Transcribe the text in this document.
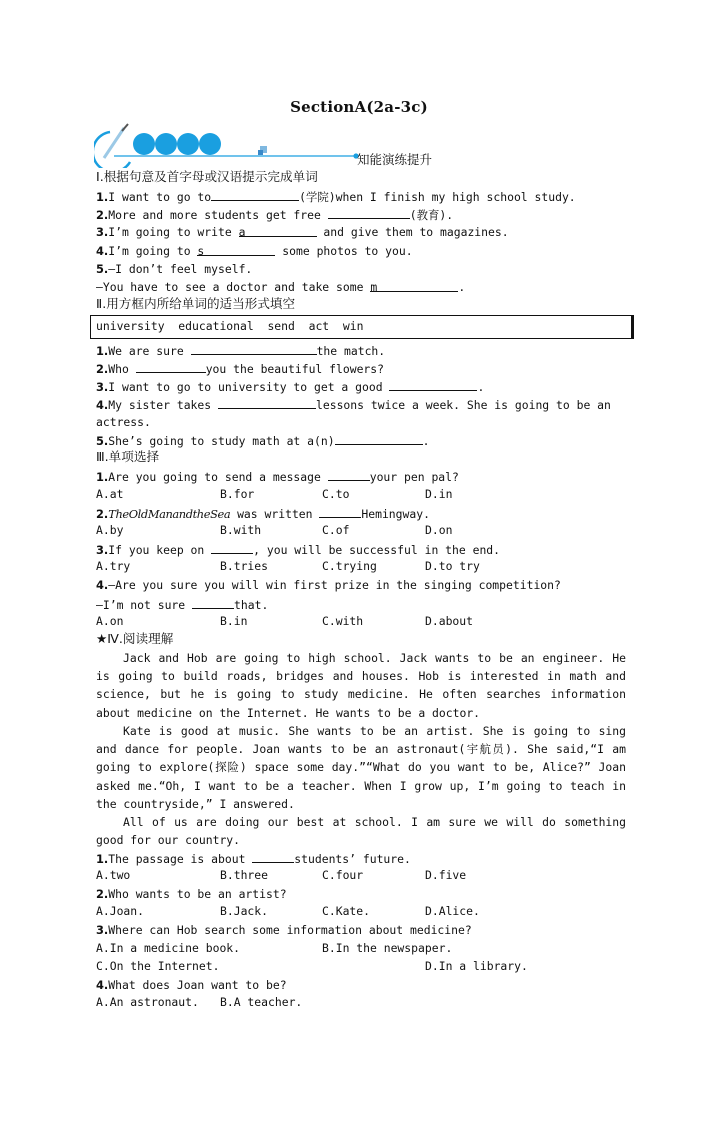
SectionA(2a-3c)
知能演练提升
Ⅰ.根据句意及首字母或汉语提示完成单词
1.I want to go to	(学院)when I finish my high school study.
2.More and more students get free	(教育).
3.I’m going to write a	and give them to magazines.
4.I’m going to s	some photos to you.
5.—I don’t feel myself.
—You have to see a doctor and take some m	.
Ⅱ.用方框内所给单词的适当形式填空
university  educational  send  act  win
1.We are sure	the match.
2.Who	you the beautiful flowers?
3.I want to go to university to get a good	.
4.My sister takes	lessons twice a week. She is going to be an
actress.
5.She’s going to study math at a(n)	.
Ⅲ.单项选择
1.Are you going to send a message	your pen pal?
A.at	B.for	C.to	D.in
2.TheOldManandtheSea was written	Hemingway.
A.by	B.with	C.of	D.on
3.If you keep on	, you will be successful in the end.
A.try	B.tries	C.trying	D.to try
4.—Are you sure you will win first prize in the singing competition?
—I’m not sure	that.
A.on	B.in	C.with	D.about
★Ⅳ.阅读理解
Jack and Hob are going to high school. Jack wants to be an engineer. He is going to build roads, bridges and houses. Hob is interested in math and science, but he is going to study medicine. He often searches information about medicine on the Internet. He wants to be a doctor.
Kate is good at music. She wants to be an artist. She is going to sing and dance for people. Joan wants to be an astronaut(宇航员). She said,“I am going to explore(探险) space some day.”“What do you want to be, Alice?” Joan asked me.“Oh, I want to be a teacher. When I grow up, I’m going to teach in the countryside,” I answered.
All of us are doing our best at school. I am sure we will do something good for our country.
1.The passage is about	students’ future.
A.two	B.three	C.four	D.five
2.Who wants to be an artist?
A.Joan.	B.Jack.	C.Kate.	D.Alice.
3.Where can Hob search some information about medicine?
A.In a medicine book.	B.In the newspaper.
C.On the Internet.	D.In a library.
4.What does Joan want to be?
A.An astronaut. B.A teacher.
